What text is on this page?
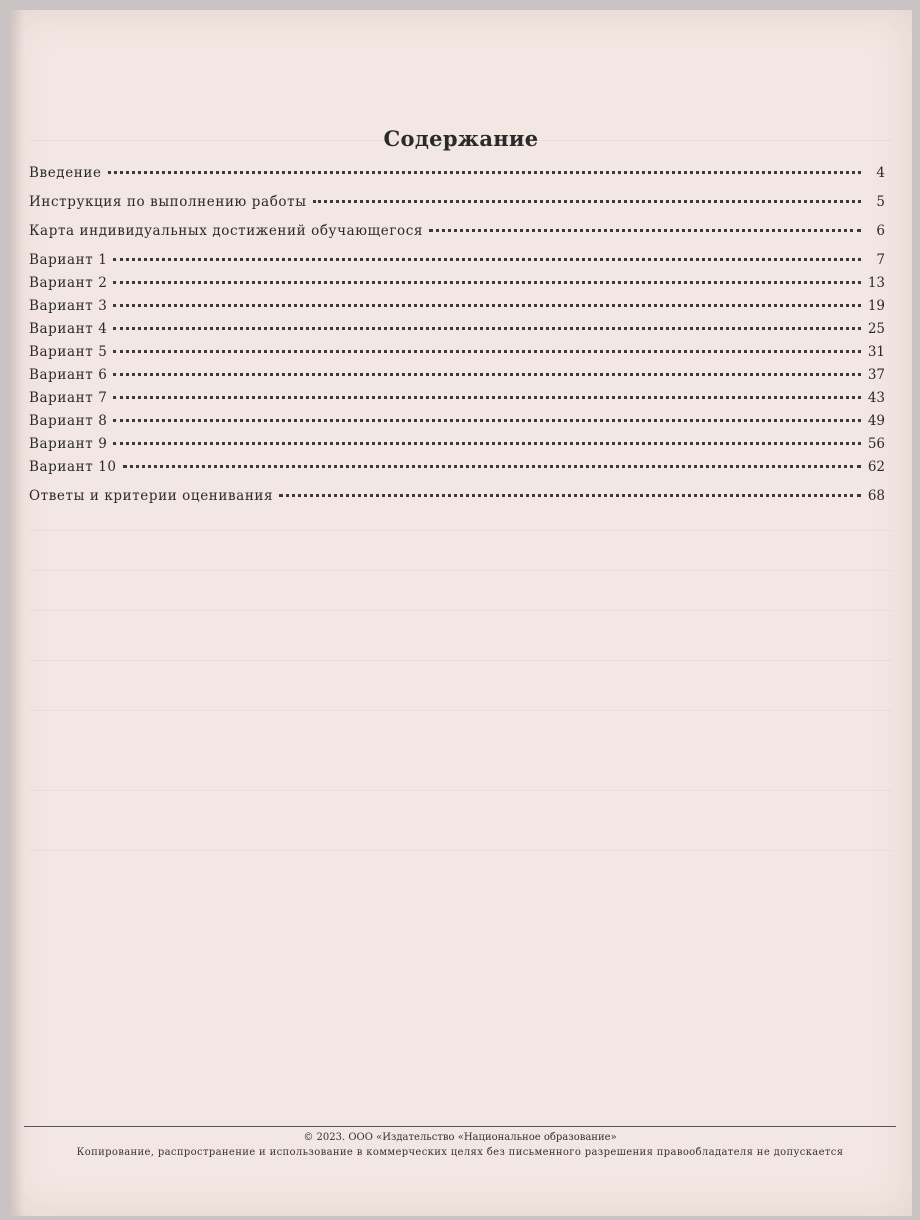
Содержание
Введение	4
Инструкция по выполнению работы	5
Карта индивидуальных достижений обучающегося	6
Вариант 1	7
Вариант 2	13
Вариант 3	19
Вариант 4	25
Вариант 5	31
Вариант 6	37
Вариант 7	43
Вариант 8	49
Вариант 9	56
Вариант 10	62
Ответы и критерии оценивания	68
© 2023. ООО «Издательство «Национальное образование»
Копирование, распространение и использование в коммерческих целях без письменного разрешения правообладателя не допускается
